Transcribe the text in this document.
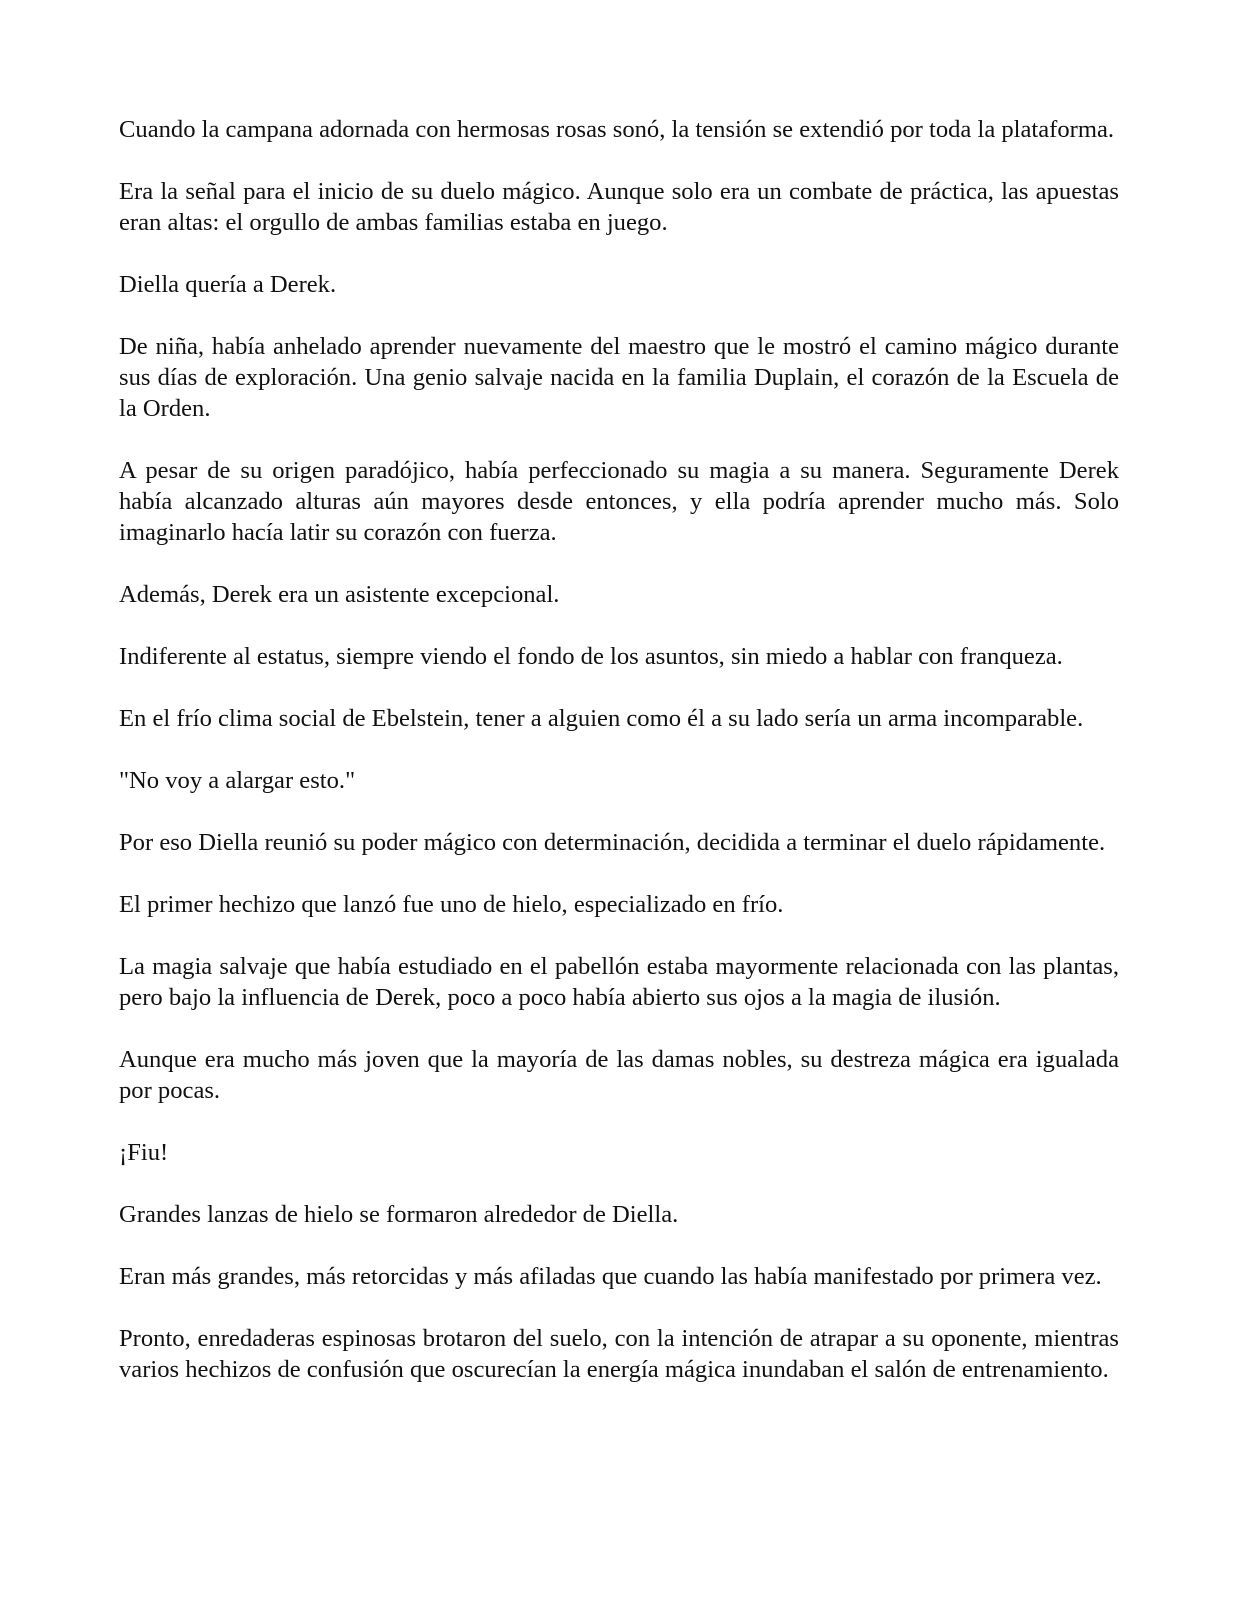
Cuando la campana adornada con hermosas rosas sonó, la tensión se extendió por toda la plataforma.

Era la señal para el inicio de su duelo mágico. Aunque solo era un combate de práctica, las apuestas eran altas: el orgullo de ambas familias estaba en juego.

Diella quería a Derek.

De niña, había anhelado aprender nuevamente del maestro que le mostró el camino mágico durante sus días de exploración. Una genio salvaje nacida en la familia Duplain, el corazón de la Escuela de la Orden.

A pesar de su origen paradójico, había perfeccionado su magia a su manera. Seguramente Derek había alcanzado alturas aún mayores desde entonces, y ella podría aprender mucho más. Solo imaginarlo hacía latir su corazón con fuerza.

Además, Derek era un asistente excepcional.

Indiferente al estatus, siempre viendo el fondo de los asuntos, sin miedo a hablar con franqueza.

En el frío clima social de Ebelstein, tener a alguien como él a su lado sería un arma incomparable.

"No voy a alargar esto."

Por eso Diella reunió su poder mágico con determinación, decidida a terminar el duelo rápidamente.

El primer hechizo que lanzó fue uno de hielo, especializado en frío.

La magia salvaje que había estudiado en el pabellón estaba mayormente relacionada con las plantas, pero bajo la influencia de Derek, poco a poco había abierto sus ojos a la magia de ilusión.

Aunque era mucho más joven que la mayoría de las damas nobles, su destreza mágica era igualada por pocas.

¡Fiu!

Grandes lanzas de hielo se formaron alrededor de Diella.

Eran más grandes, más retorcidas y más afiladas que cuando las había manifestado por primera vez.

Pronto, enredaderas espinosas brotaron del suelo, con la intención de atrapar a su oponente, mientras varios hechizos de confusión que oscurecían la energía mágica inundaban el salón de entrenamiento.
